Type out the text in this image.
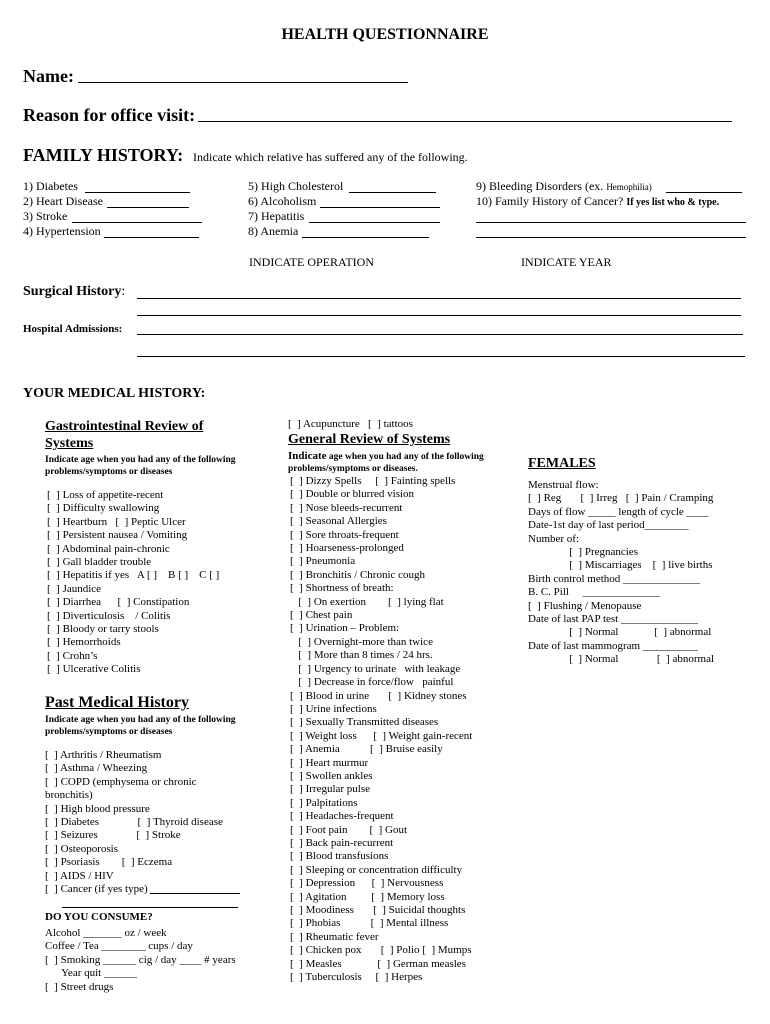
HEALTH QUESTIONNAIRE
Name:
Reason for office visit:
FAMILY HISTORY: Indicate which relative has suffered any of the following.
1) Diabetes
2) Heart Disease
3) Stroke
4) Hypertension
5) High Cholesterol
6) Alcoholism
7) Hepatitis
8) Anemia
9) Bleeding Disorders (ex. Hemophilia)
10) Family History of Cancer? If yes list who & type.
INDICATE OPERATION	INDICATE YEAR
Surgical History:
Hospital Admissions:
YOUR MEDICAL HISTORY:
Gastrointestinal Review of
Systems
Indicate age when you had any of the following problems/symptoms or diseases
[  ] Loss of appetite-recent
[  ] Difficulty swallowing
[  ] Heartburn   [  ] Peptic Ulcer
[  ] Persistent nausea / Vomiting
[  ] Abdominal pain-chronic
[  ] Gall bladder trouble
[  ] Hepatitis if yes   A [ ]    B [ ]    C [ ]
[  ] Jaundice
[  ] Diarrhea      [  ] Constipation
[  ] Diverticulosis    / Colitis
[  ] Bloody or tarry stools
[  ] Hemorrhoids
[  ] Crohn’s
[  ] Ulcerative Colitis
Past Medical History
Indicate age when you had any of the following problems/symptoms or diseases
[  ] Arthritis / Rheumatism
[  ] Asthma / Wheezing
[  ] COPD (emphysema or chronic
bronchitis)
[  ] High blood pressure
[  ] Diabetes              [  ] Thyroid disease
[  ] Seizures              [  ] Stroke
[  ] Osteoporosis
[  ] Psoriasis        [  ] Eczema
[  ] AIDS / HIV
[  ] Cancer (if yes type)
DO YOU CONSUME?
Alcohol _______ oz / week
Coffee / Tea ________ cups / day
[  ] Smoking ______ cig / day ____ # years
Year quit ______
[  ] Street drugs
[  ] Acupuncture   [  ] tattoos
General Review of Systems
Indicate age when you had any of the following problems/symptoms or diseases.
[  ] Dizzy Spells     [  ] Fainting spells
[  ] Double or blurred vision
[  ] Nose bleeds-recurrent
[  ] Seasonal Allergies
[  ] Sore throats-frequent
[  ] Hoarseness-prolonged
[  ] Pneumonia
[  ] Bronchitis / Chronic cough
[  ] Shortness of breath:
[  ] On exertion        [  ] lying flat
[  ] Chest pain
[  ] Urination – Problem:
[  ] Overnight-more than twice
[  ] More than 8 times / 24 hrs.
[  ] Urgency to urinate   with leakage
[  ] Decrease in force/flow   painful
[  ] Blood in urine       [  ] Kidney stones
[  ] Urine infections
[  ] Sexually Transmitted diseases
[  ] Weight loss      [  ] Weight gain-recent
[  ] Anemia           [  ] Bruise easily
[  ] Heart murmur
[  ] Swollen ankles
[  ] Irregular pulse
[  ] Palpitations
[  ] Headaches-frequent
[  ] Foot pain        [  ] Gout
[  ] Back pain-recurrent
[  ] Blood transfusions
[  ] Sleeping or concentration difficulty
[  ] Depression      [  ] Nervousness
[  ] Agitation         [  ] Memory loss
[  ] Moodiness       [  ] Suicidal thoughts
[  ] Phobias           [  ] Mental illness
[  ] Rheumatic fever
[  ] Chicken pox       [  ] Polio [  ] Mumps
[  ] Measles             [  ] German measles
[  ] Tuberculosis     [  ] Herpes
FEMALES
Menstrual flow:
[  ] Reg       [  ] Irreg   [  ] Pain / Cramping
Days of flow _____ length of cycle ____
Date-1st day of last period________
Number of:
[  ] Pregnancies
[  ] Miscarriages    [  ] live births
Birth control method ______________
B. C. Pill     ______________
[  ] Flushing / Menopause
Date of last PAP test ______________
[  ] Normal             [  ] abnormal
Date of last mammogram __________
[  ] Normal              [  ] abnormal
